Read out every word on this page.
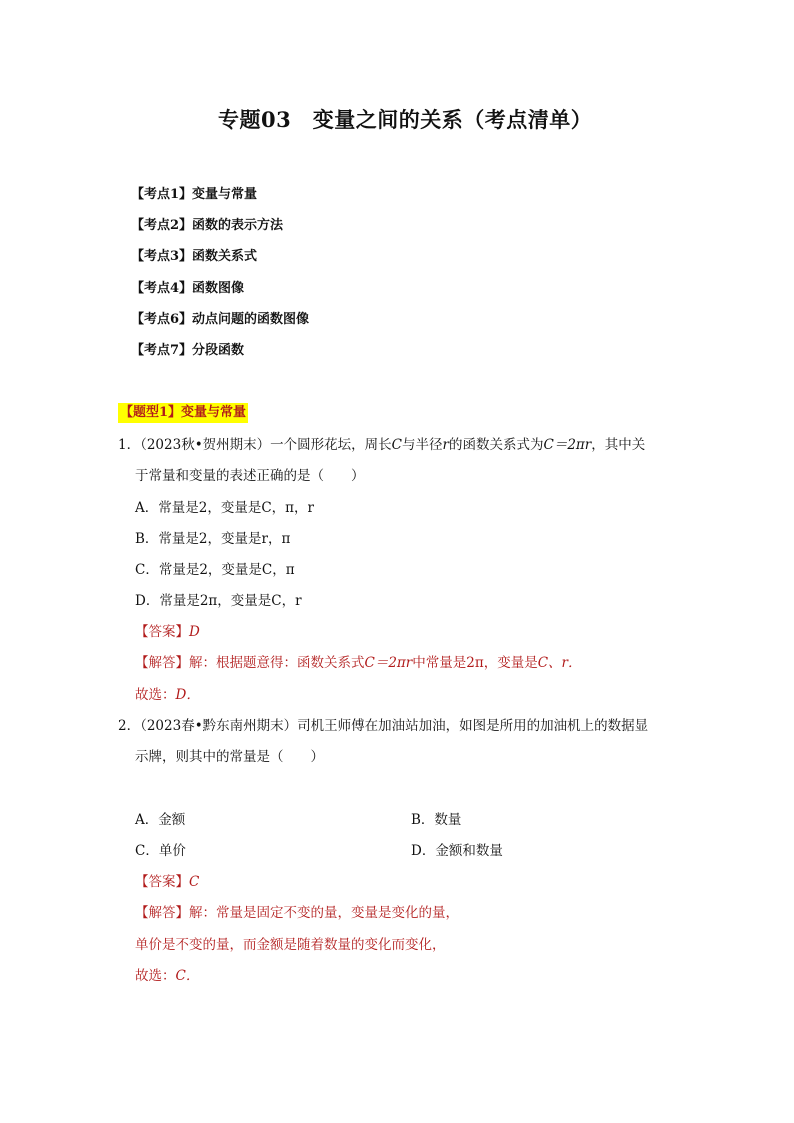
专题03　变量之间的关系（考点清单）
【考点1】变量与常量
【考点2】函数的表示方法
【考点3】函数关系式
【考点4】函数图像
【考点6】动点问题的函数图像
【考点7】分段函数
【题型1】变量与常量
1．（2023秋•贺州期末）一个圆形花坛，周长C与半径r的函数关系式为C＝2πr，其中关
于常量和变量的表述正确的是（　　）
A．常量是2，变量是C，π，r
B．常量是2，变量是r，π
C．常量是2，变量是C，π
D．常量是2π，变量是C，r
【答案】D
【解答】解：根据题意得：函数关系式C＝2πr中常量是2π，变量是C、r．
故选：D．
2．（2023春•黔东南州期末）司机王师傅在加油站加油，如图是所用的加油机上的数据显
示牌，则其中的常量是（　　）
A．金额	B．数量
C．单价	D．金额和数量
【答案】C
【解答】解：常量是固定不变的量，变量是变化的量，
单价是不变的量，而金额是随着数量的变化而变化，
故选：C．
